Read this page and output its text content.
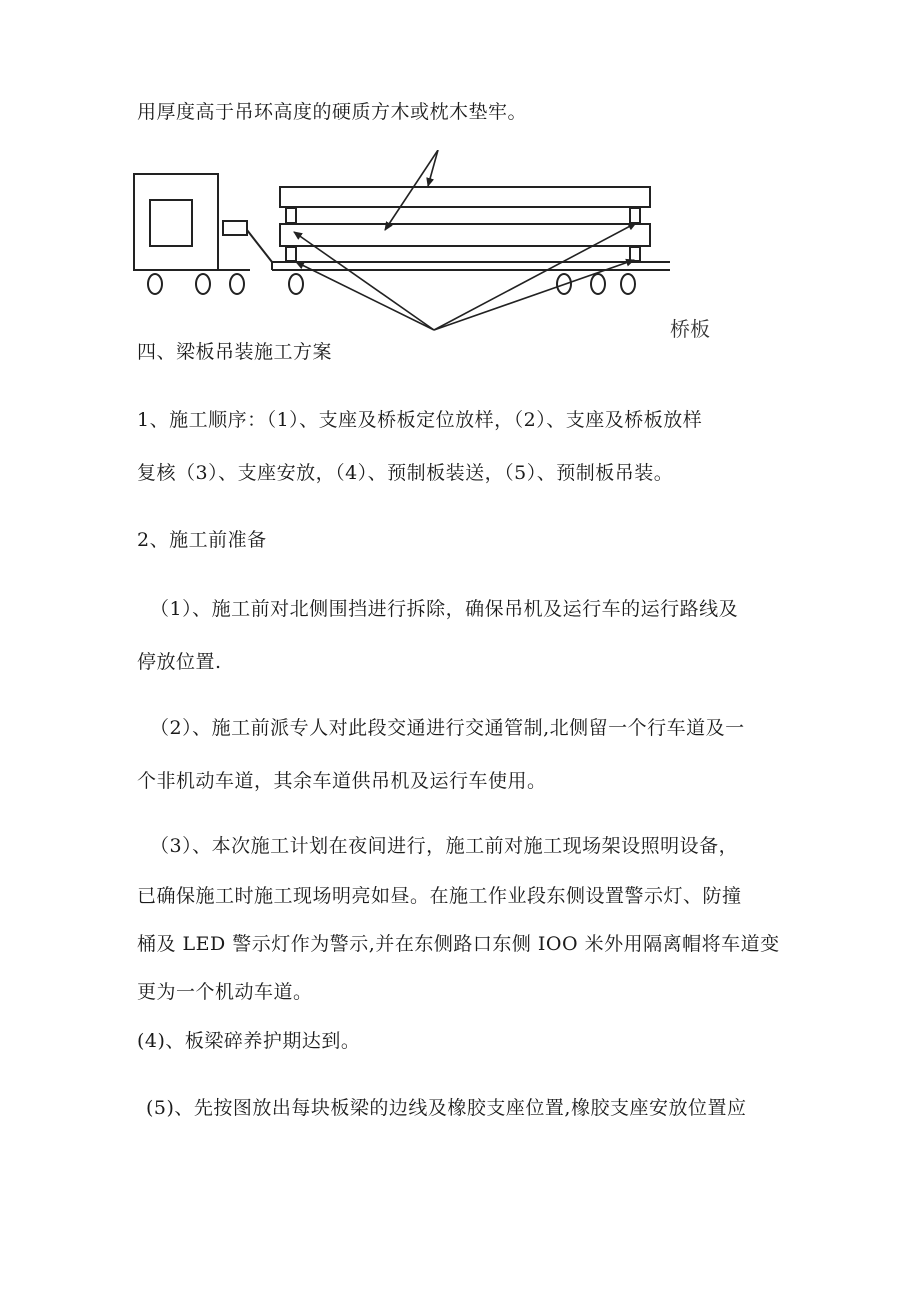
用厚度高于吊环高度的硬质方木或枕木垫牢。
桥板
四、梁板吊装施工方案
1、施工顺序：（1）、支座及桥板定位放样，（2）、支座及桥板放样
复核（3）、支座安放，（4）、预制板装送，（5）、预制板吊装。
2、施工前准备
（1）、施工前对北侧围挡进行拆除，确保吊机及运行车的运行路线及
停放位置.
（2）、施工前派专人对此段交通进行交通管制,北侧留一个行车道及一
个非机动车道，其余车道供吊机及运行车使用。
（3）、本次施工计划在夜间进行，施工前对施工现场架设照明设备，
已确保施工时施工现场明亮如昼。在施工作业段东侧设置警示灯、防撞
桶及 LED 警示灯作为警示,并在东侧路口东侧 IOO 米外用隔离帽将车道变
更为一个机动车道。
(4)、板梁碎养护期达到。
(5)、先按图放出每块板梁的边线及橡胶支座位置,橡胶支座安放位置应
